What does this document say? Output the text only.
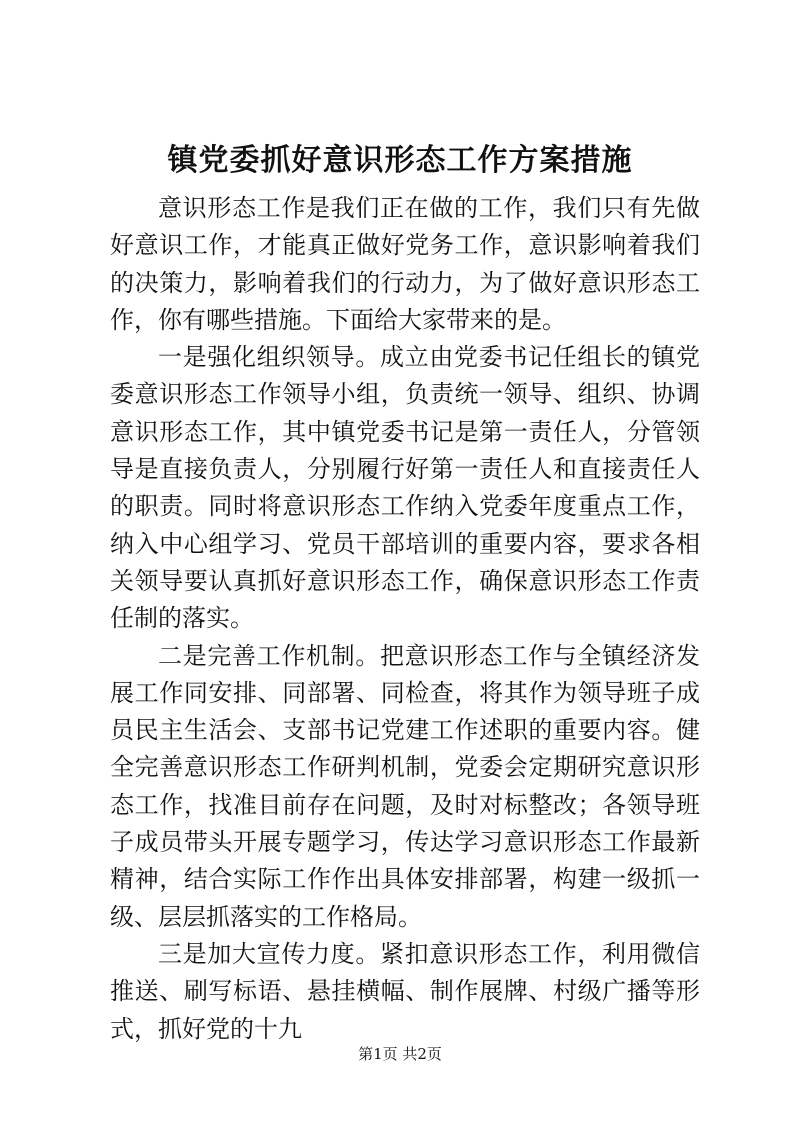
镇党委抓好意识形态工作方案措施

意识形态工作是我们正在做的工作，我们只有先做好意识工作，才能真正做好党务工作，意识影响着我们的决策力，影响着我们的行动力，为了做好意识形态工作，你有哪些措施。下面给大家带来的是。

一是强化组织领导。成立由党委书记任组长的镇党委意识形态工作领导小组，负责统一领导、组织、协调意识形态工作，其中镇党委书记是第一责任人，分管领导是直接负责人，分别履行好第一责任人和直接责任人的职责。同时将意识形态工作纳入党委年度重点工作，纳入中心组学习、党员干部培训的重要内容，要求各相关领导要认真抓好意识形态工作，确保意识形态工作责任制的落实。

二是完善工作机制。把意识形态工作与全镇经济发展工作同安排、同部署、同检查，将其作为领导班子成员民主生活会、支部书记党建工作述职的重要内容。健全完善意识形态工作研判机制，党委会定期研究意识形态工作，找准目前存在问题，及时对标整改；各领导班子成员带头开展专题学习，传达学习意识形态工作最新精神，结合实际工作作出具体安排部署，构建一级抓一级、层层抓落实的工作格局。

三是加大宣传力度。紧扣意识形态工作，利用微信推送、刷写标语、悬挂横幅、制作展牌、村级广播等形式，抓好党的十九

第1页 共2页
